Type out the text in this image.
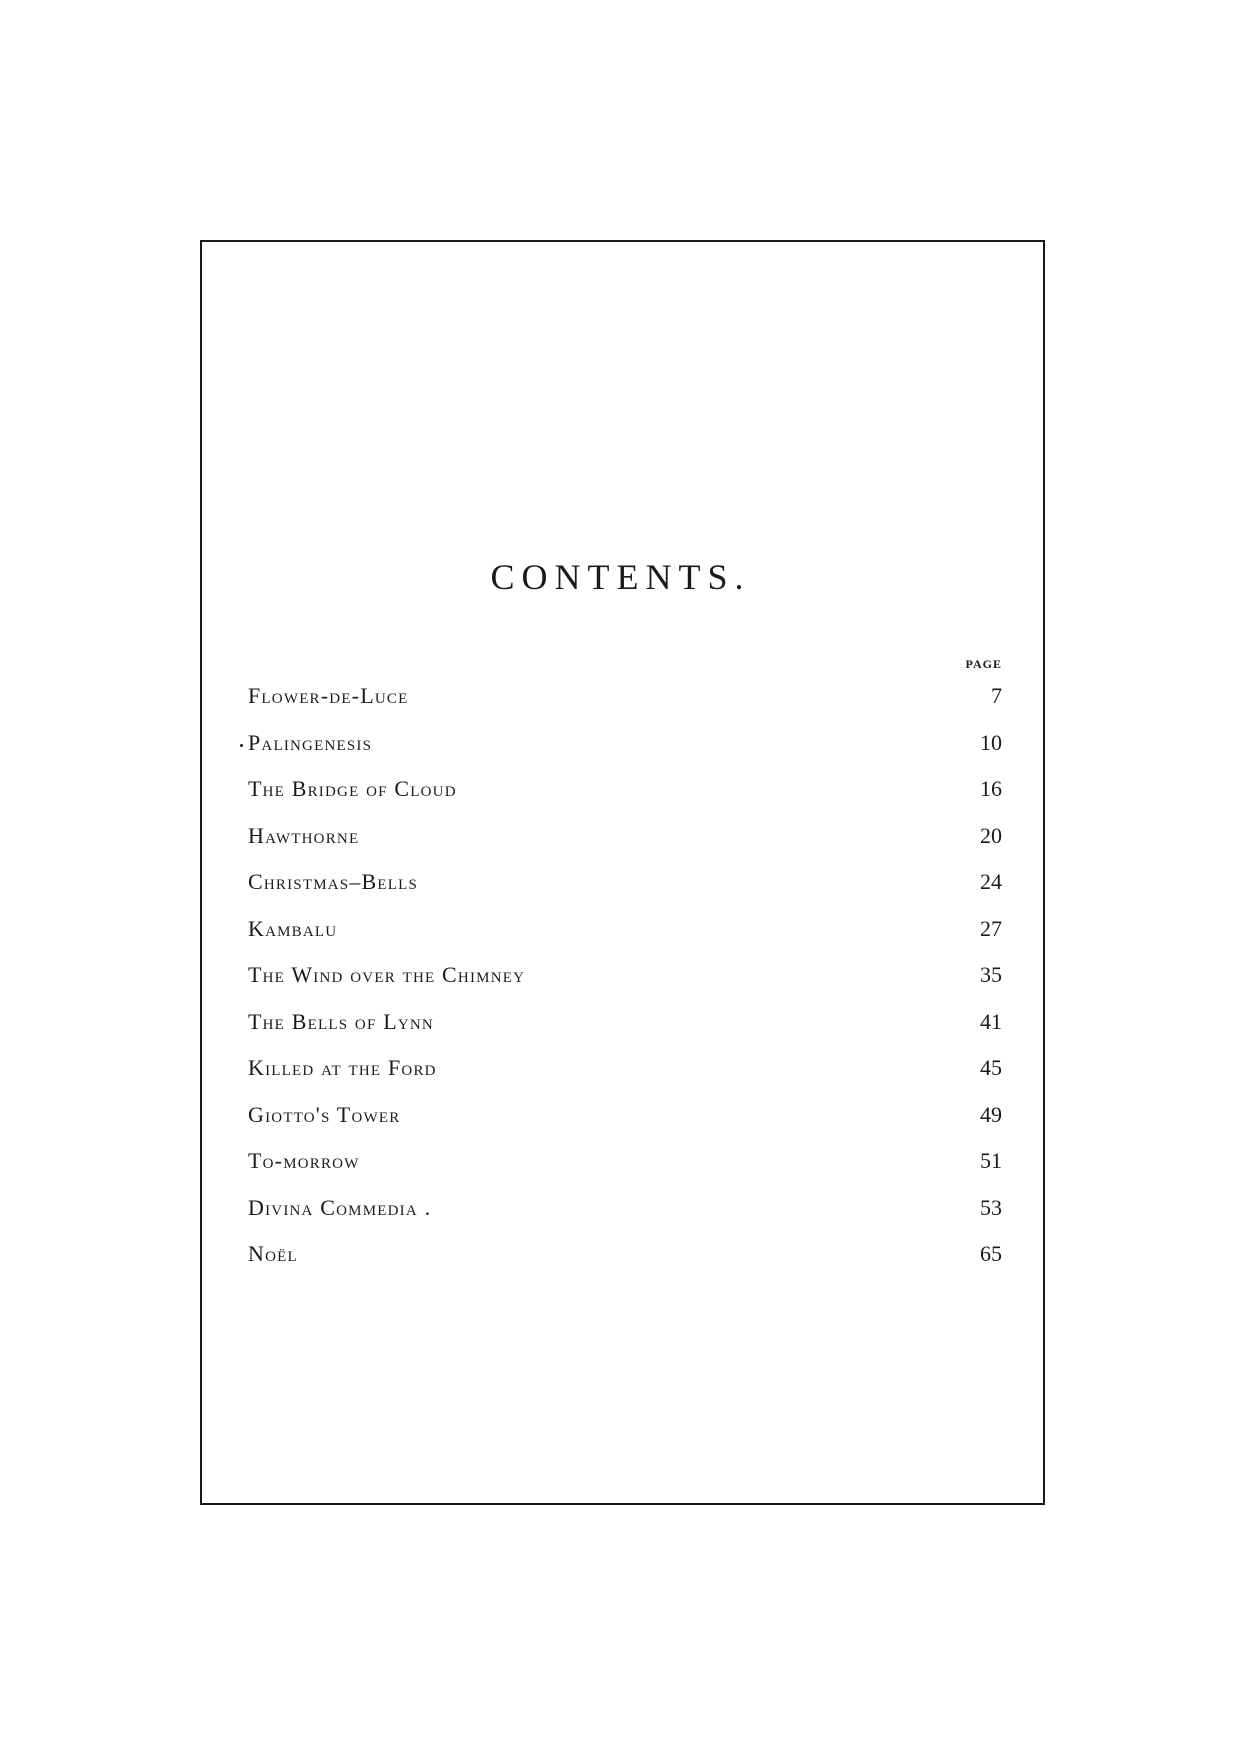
CONTENTS.
PAGE
Flower-de-Luce	7
Palingenesis	10
The Bridge of Cloud	16
Hawthorne	20
Christmas–Bells	24
Kambalu	27
The Wind over the Chimney	35
The Bells of Lynn	41
Killed at the Ford	45
Giotto's Tower	49
To-morrow	51
Divina Commedia .	53
Noël	65
